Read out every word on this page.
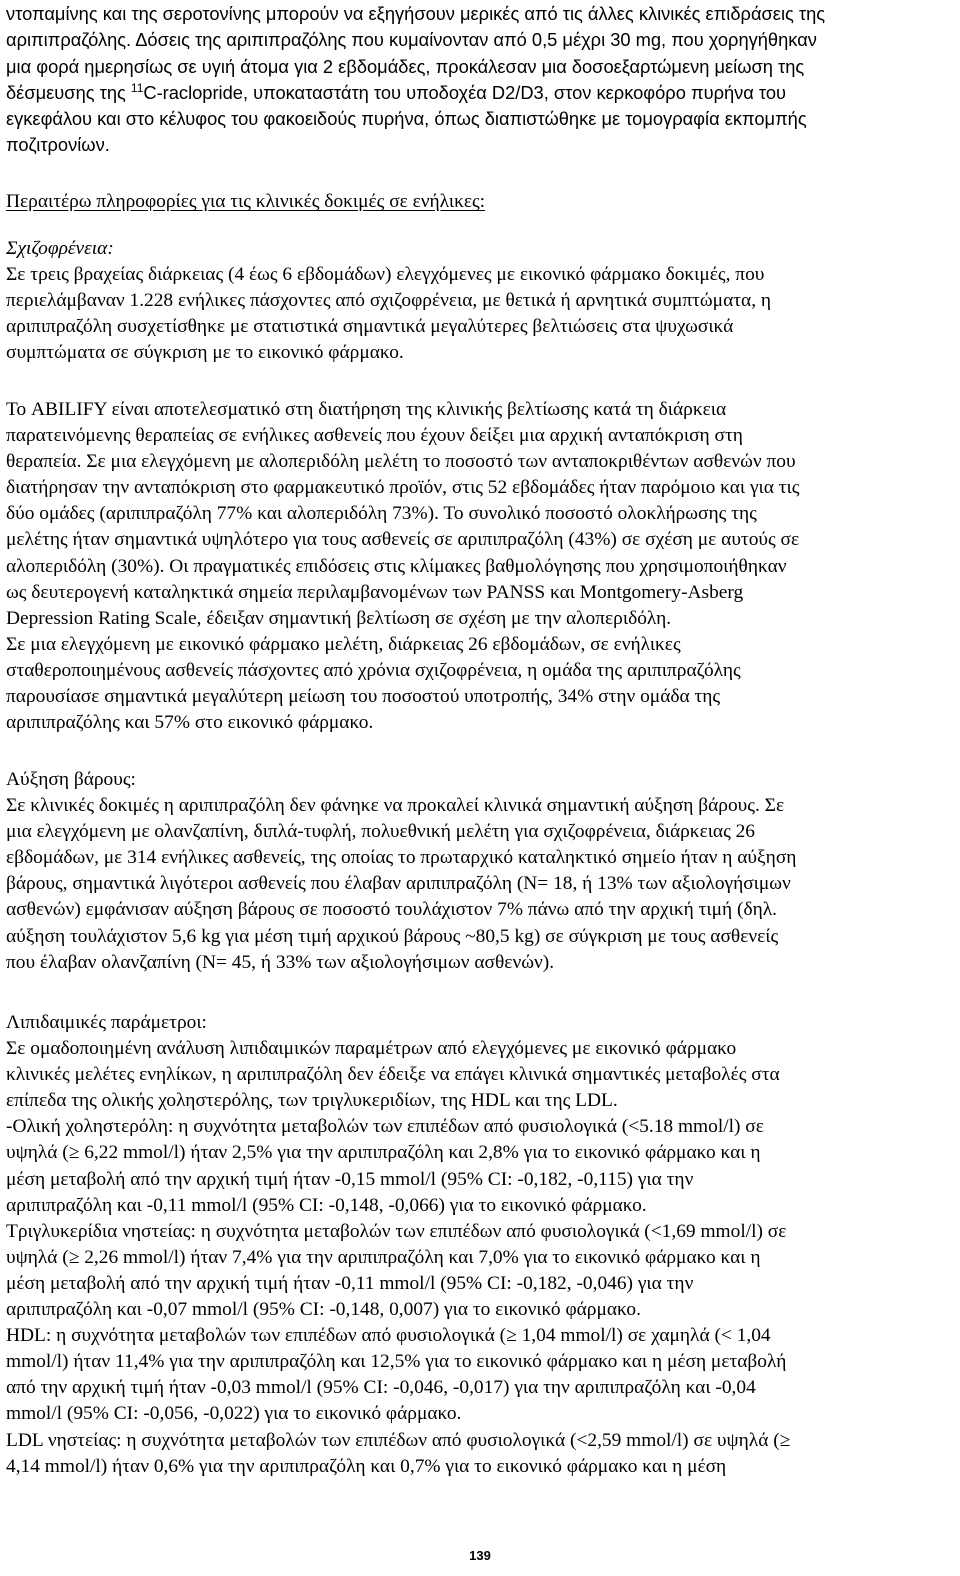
ντοπαμίνης και της σεροτονίνης μπορούν να εξηγήσουν μερικές από τις άλλες κλινικές επιδράσεις της
αριπιπραζόλης. Δόσεις της αριπιπραζόλης που κυμαίνονταν από 0,5 μέχρι 30 mg, που χορηγήθηκαν
μια φορά ημερησίως σε υγιή άτομα για 2 εβδομάδες, προκάλεσαν μια δοσοεξαρτώμενη μείωση της
δέσμευσης της $^{11}$C-raclopride, υποκαταστάτη του υποδοχέα D2/D3, στον κερκοφόρο πυρήνα του
εγκεφάλου και στο κέλυφος του φακοειδούς πυρήνα, όπως διαπιστώθηκε με τομογραφία εκπομπής
ποζιτρονίων.
Περαιτέρω πληροφορίες για τις κλινικές δοκιμές σε ενήλικες:
Σχιζοφρένεια:
Σε τρεις βραχείας διάρκειας (4 έως 6 εβδομάδων) ελεγχόμενες με εικονικό φάρμακο δοκιμές, που
περιελάμβαναν 1.228 ενήλικες πάσχοντες από σχιζοφρένεια, με θετικά ή αρνητικά συμπτώματα, η
αριπιπραζόλη συσχετίσθηκε με στατιστικά σημαντικά μεγαλύτερες βελτιώσεις στα ψυχωσικά
συμπτώματα σε σύγκριση με το εικονικό φάρμακο.
Το ABILIFY είναι αποτελεσματικό στη διατήρηση της κλινικής βελτίωσης κατά τη διάρκεια
παρατεινόμενης θεραπείας σε ενήλικες ασθενείς που έχουν δείξει μια αρχική ανταπόκριση στη
θεραπεία. Σε μια ελεγχόμενη με αλοπεριδόλη μελέτη το ποσοστό των ανταποκριθέντων ασθενών που
διατήρησαν την ανταπόκριση στο φαρμακευτικό προϊόν, στις 52 εβδομάδες ήταν παρόμοιο και για τις
δύο ομάδες (αριπιπραζόλη 77% και αλοπεριδόλη 73%). Το συνολικό ποσοστό ολοκλήρωσης της
μελέτης ήταν σημαντικά υψηλότερο για τους ασθενείς σε αριπιπραζόλη (43%) σε σχέση με αυτούς σε
αλοπεριδόλη (30%). Οι πραγματικές επιδόσεις στις κλίμακες βαθμολόγησης που χρησιμοποιήθηκαν
ως δευτερογενή καταληκτικά σημεία περιλαμβανομένων των PANSS και Montgomery-Asberg
Depression Rating Scale, έδειξαν σημαντική βελτίωση σε σχέση με την αλοπεριδόλη.
Σε μια ελεγχόμενη με εικονικό φάρμακο μελέτη, διάρκειας 26 εβδομάδων, σε ενήλικες
σταθεροποιημένους ασθενείς πάσχοντες από χρόνια σχιζοφρένεια, η ομάδα της αριπιπραζόλης
παρουσίασε σημαντικά μεγαλύτερη μείωση του ποσοστού υποτροπής, 34% στην ομάδα της
αριπιπραζόλης και 57% στο εικονικό φάρμακο.
Αύξηση βάρους:
Σε κλινικές δοκιμές η αριπιπραζόλη δεν φάνηκε να προκαλεί κλινικά σημαντική αύξηση βάρους. Σε
μια ελεγχόμενη με ολανζαπίνη, διπλά-τυφλή, πολυεθνική μελέτη για σχιζοφρένεια, διάρκειας 26
εβδομάδων, με 314 ενήλικες ασθενείς, της οποίας το πρωταρχικό καταληκτικό σημείο ήταν η αύξηση
βάρους, σημαντικά λιγότεροι ασθενείς που έλαβαν αριπιπραζόλη (N= 18, ή 13% των αξιολογήσιμων
ασθενών) εμφάνισαν αύξηση βάρους σε ποσοστό τουλάχιστον 7% πάνω από την αρχική τιμή (δηλ.
αύξηση τουλάχιστον 5,6 kg για μέση τιμή αρχικού βάρους ~80,5 kg) σε σύγκριση με τους ασθενείς
που έλαβαν ολανζαπίνη (N= 45, ή 33% των αξιολογήσιμων ασθενών).
Λιπιδαιμικές παράμετροι:
Σε ομαδοποιημένη ανάλυση λιπιδαιμικών παραμέτρων από ελεγχόμενες με εικονικό φάρμακο
κλινικές μελέτες ενηλίκων, η αριπιπραζόλη δεν έδειξε να επάγει κλινικά σημαντικές μεταβολές στα
επίπεδα της ολικής χοληστερόλης, των τριγλυκεριδίων, της HDL και της LDL.
-Ολική χοληστερόλη: η συχνότητα μεταβολών των επιπέδων από φυσιολογικά (<5.18 mmol/l) σε
υψηλά (≥ 6,22 mmol/l) ήταν 2,5% για την αριπιπραζόλη και 2,8% για το εικονικό φάρμακο και η
μέση μεταβολή από την αρχική τιμή ήταν -0,15 mmol/l (95% CI: -0,182, -0,115) για την
αριπιπραζόλη και -0,11 mmol/l (95% CI: -0,148, -0,066) για το εικονικό φάρμακο.
Τριγλυκερίδια νηστείας: η συχνότητα μεταβολών των επιπέδων από φυσιολογικά (<1,69 mmol/l) σε
υψηλά (≥ 2,26 mmol/l) ήταν 7,4% για την αριπιπραζόλη και 7,0% για το εικονικό φάρμακο και η
μέση μεταβολή από την αρχική τιμή ήταν -0,11 mmol/l (95% CI: -0,182, -0,046) για την
αριπιπραζόλη και -0,07 mmol/l (95% CI: -0,148, 0,007) για το εικονικό φάρμακο.
HDL: η συχνότητα μεταβολών των επιπέδων από φυσιολογικά (≥ 1,04 mmol/l) σε χαμηλά (< 1,04
mmol/l) ήταν 11,4% για την αριπιπραζόλη και 12,5% για το εικονικό φάρμακο και η μέση μεταβολή
από την αρχική τιμή ήταν -0,03 mmol/l (95% CI: -0,046, -0,017) για την αριπιπραζόλη και -0,04
mmol/l (95% CI: -0,056, -0,022) για το εικονικό φάρμακο.
LDL νηστείας: η συχνότητα μεταβολών των επιπέδων από φυσιολογικά (<2,59 mmol/l) σε υψηλά (≥
4,14 mmol/l) ήταν 0,6% για την αριπιπραζόλη και 0,7% για το εικονικό φάρμακο και η μέση
139
